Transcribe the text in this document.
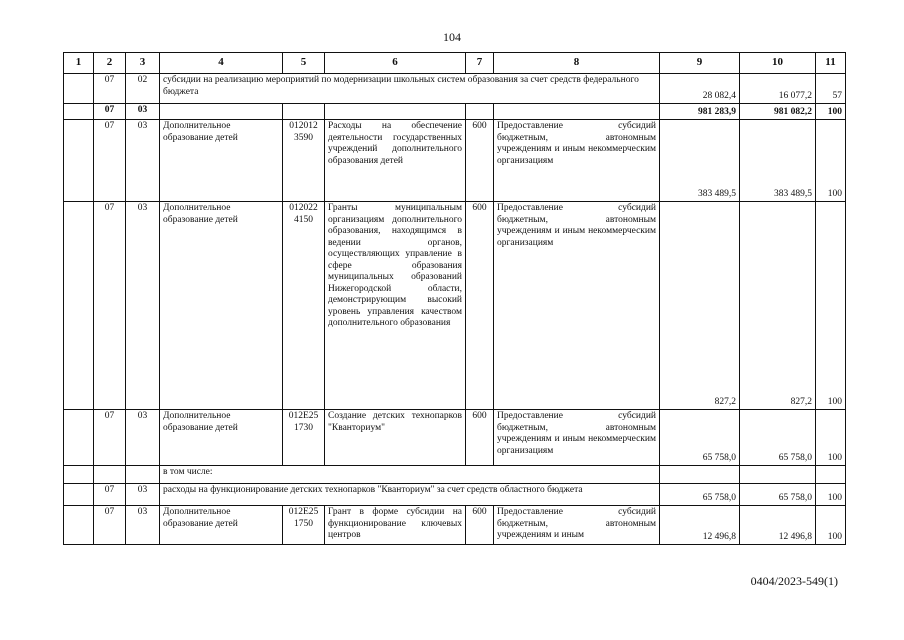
104
1	2	3	4	5	6	7	8	9	10	11
	07	02	субсидии на реализацию мероприятий по модернизации школьных систем образования за счет средств федерального бюджета					28 082,4	16 077,2	57
	07	03						981 283,9	981 082,2	100
	07	03	Дополнительное образование детей	012012 3590	Расходы на обеспечение деятельности государственных учреждений дополнительного образования детей	600	Предоставление субсидий бюджетным, автономным учреждениям и иным некоммерческим организациям	383 489,5	383 489,5	100
	07	03	Дополнительное образование детей	012022 4150	Гранты муниципальным организациям дополнительного образования, находящимся в ведении органов, осуществляющих управление в сфере образования муниципальных образований Нижегородской области, демонстрирующим высокий уровень управления качеством дополнительного образования	600	Предоставление субсидий бюджетным, автономным учреждениям и иным некоммерческим организациям	827,2	827,2	100
	07	03	Дополнительное образование детей	012E25 1730	Создание детских технопарков "Кванториум"	600	Предоставление субсидий бюджетным, автономным учреждениям и иным некоммерческим организациям	65 758,0	65 758,0	100
			в том числе:							
	07	03	расходы на функционирование детских технопарков "Кванториум" за счет средств областного бюджета					65 758,0	65 758,0	100
	07	03	Дополнительное образование детей	012E25 1750	Грант в форме субсидии на функционирование ключевых центров	600	Предоставление субсидий бюджетным, автономным учреждениям и иным	12 496,8	12 496,8	100
0404/2023-549(1)
